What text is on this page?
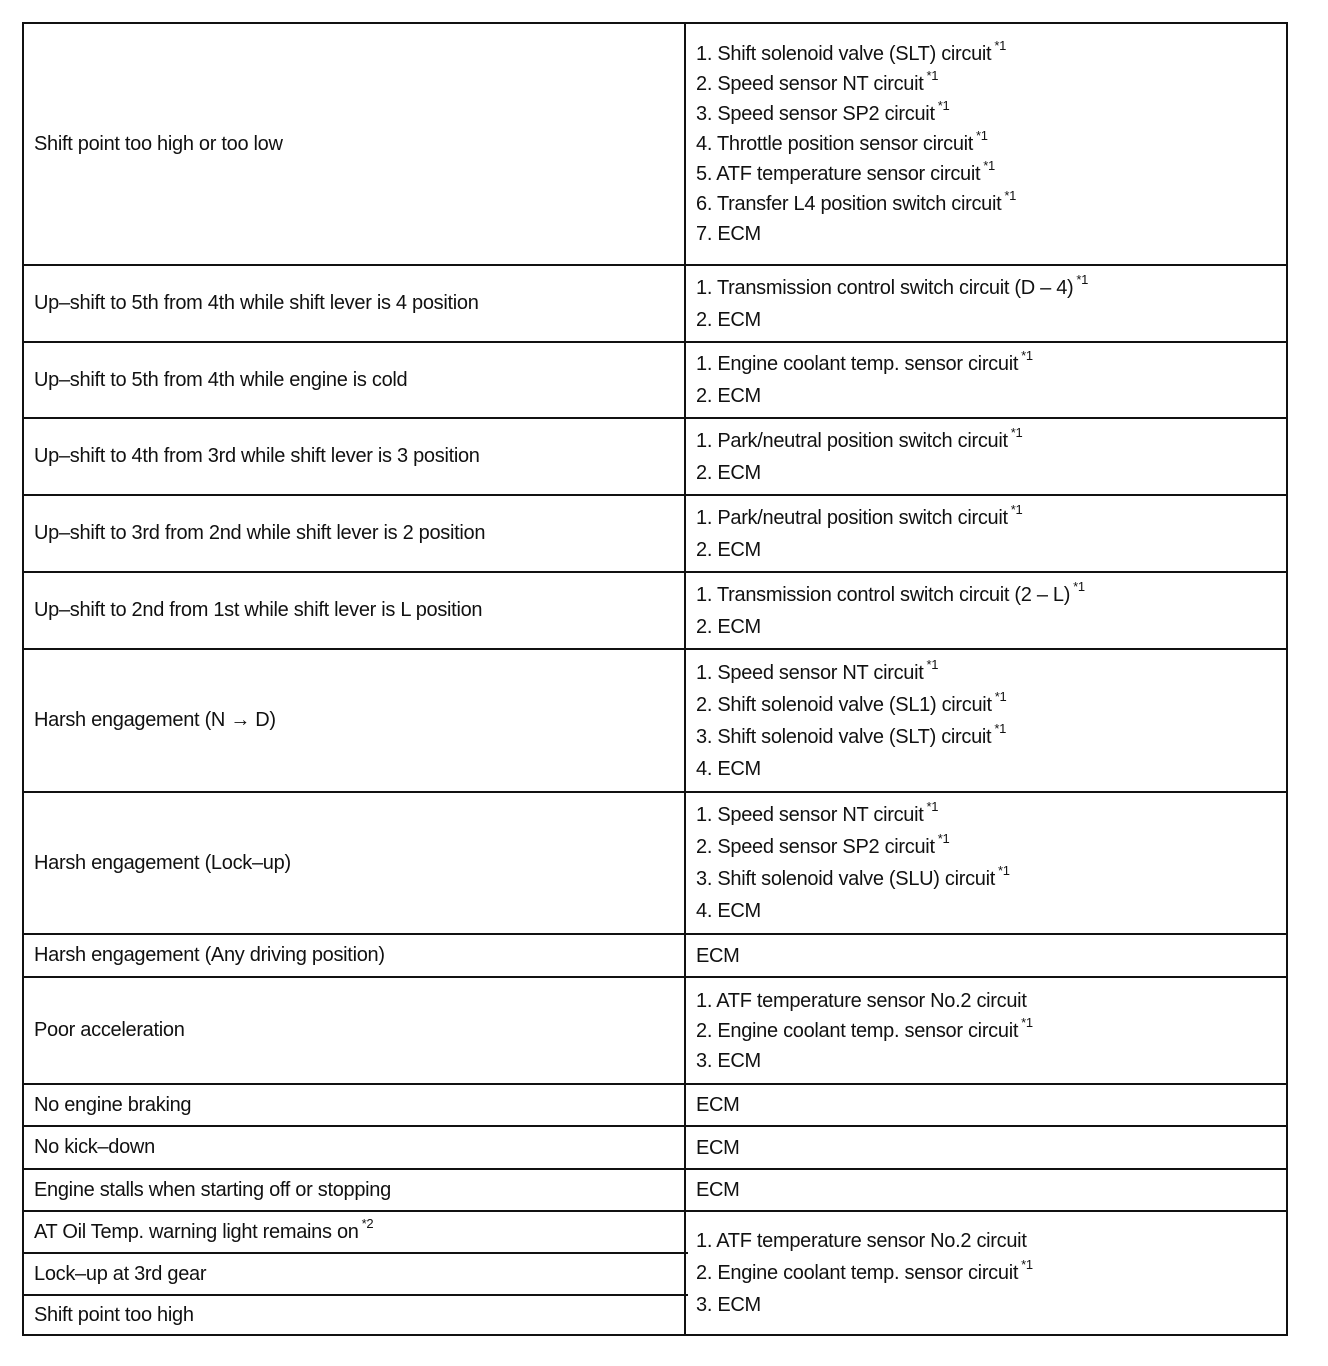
Shift point too high or too low
Up–shift to 5th from 4th while shift lever is 4 position
Up–shift to 5th from 4th while engine is cold
Up–shift to 4th from 3rd while shift lever is 3 position
Up–shift to 3rd from 2nd while shift lever is 2 position
Up–shift to 2nd from 1st while shift lever is L position
Harsh engagement (N → D)
Harsh engagement (Lock–up)
Harsh engagement (Any driving position)
Poor acceleration
No engine braking
No kick–down
Engine stalls when starting off or stopping
AT Oil Temp. warning light remains on $^{*2}$
Lock–up at 3rd gear
Shift point too high
1. Shift solenoid valve (SLT) circuit $^{*1}$
2. Speed sensor NT circuit $^{*1}$
3. Speed sensor SP2 circuit $^{*1}$
4. Throttle position sensor circuit $^{*1}$
5. ATF temperature sensor circuit $^{*1}$
6. Transfer L4 position switch circuit $^{*1}$
7. ECM
1. Transmission control switch circuit (D – 4) $^{*1}$
2. ECM
1. Engine coolant temp. sensor circuit $^{*1}$
2. ECM
1. Park/neutral position switch circuit $^{*1}$
2. ECM
1. Park/neutral position switch circuit $^{*1}$
2. ECM
1. Transmission control switch circuit (2 – L) $^{*1}$
2. ECM
1. Speed sensor NT circuit $^{*1}$
2. Shift solenoid valve (SL1) circuit $^{*1}$
3. Shift solenoid valve (SLT) circuit $^{*1}$
4. ECM
1. Speed sensor NT circuit $^{*1}$
2. Speed sensor SP2 circuit $^{*1}$
3. Shift solenoid valve (SLU) circuit $^{*1}$
4. ECM
ECM
1. ATF temperature sensor No.2 circuit
2. Engine coolant temp. sensor circuit $^{*1}$
3. ECM
ECM
ECM
ECM
1. ATF temperature sensor No.2 circuit
2. Engine coolant temp. sensor circuit $^{*1}$
3. ECM
